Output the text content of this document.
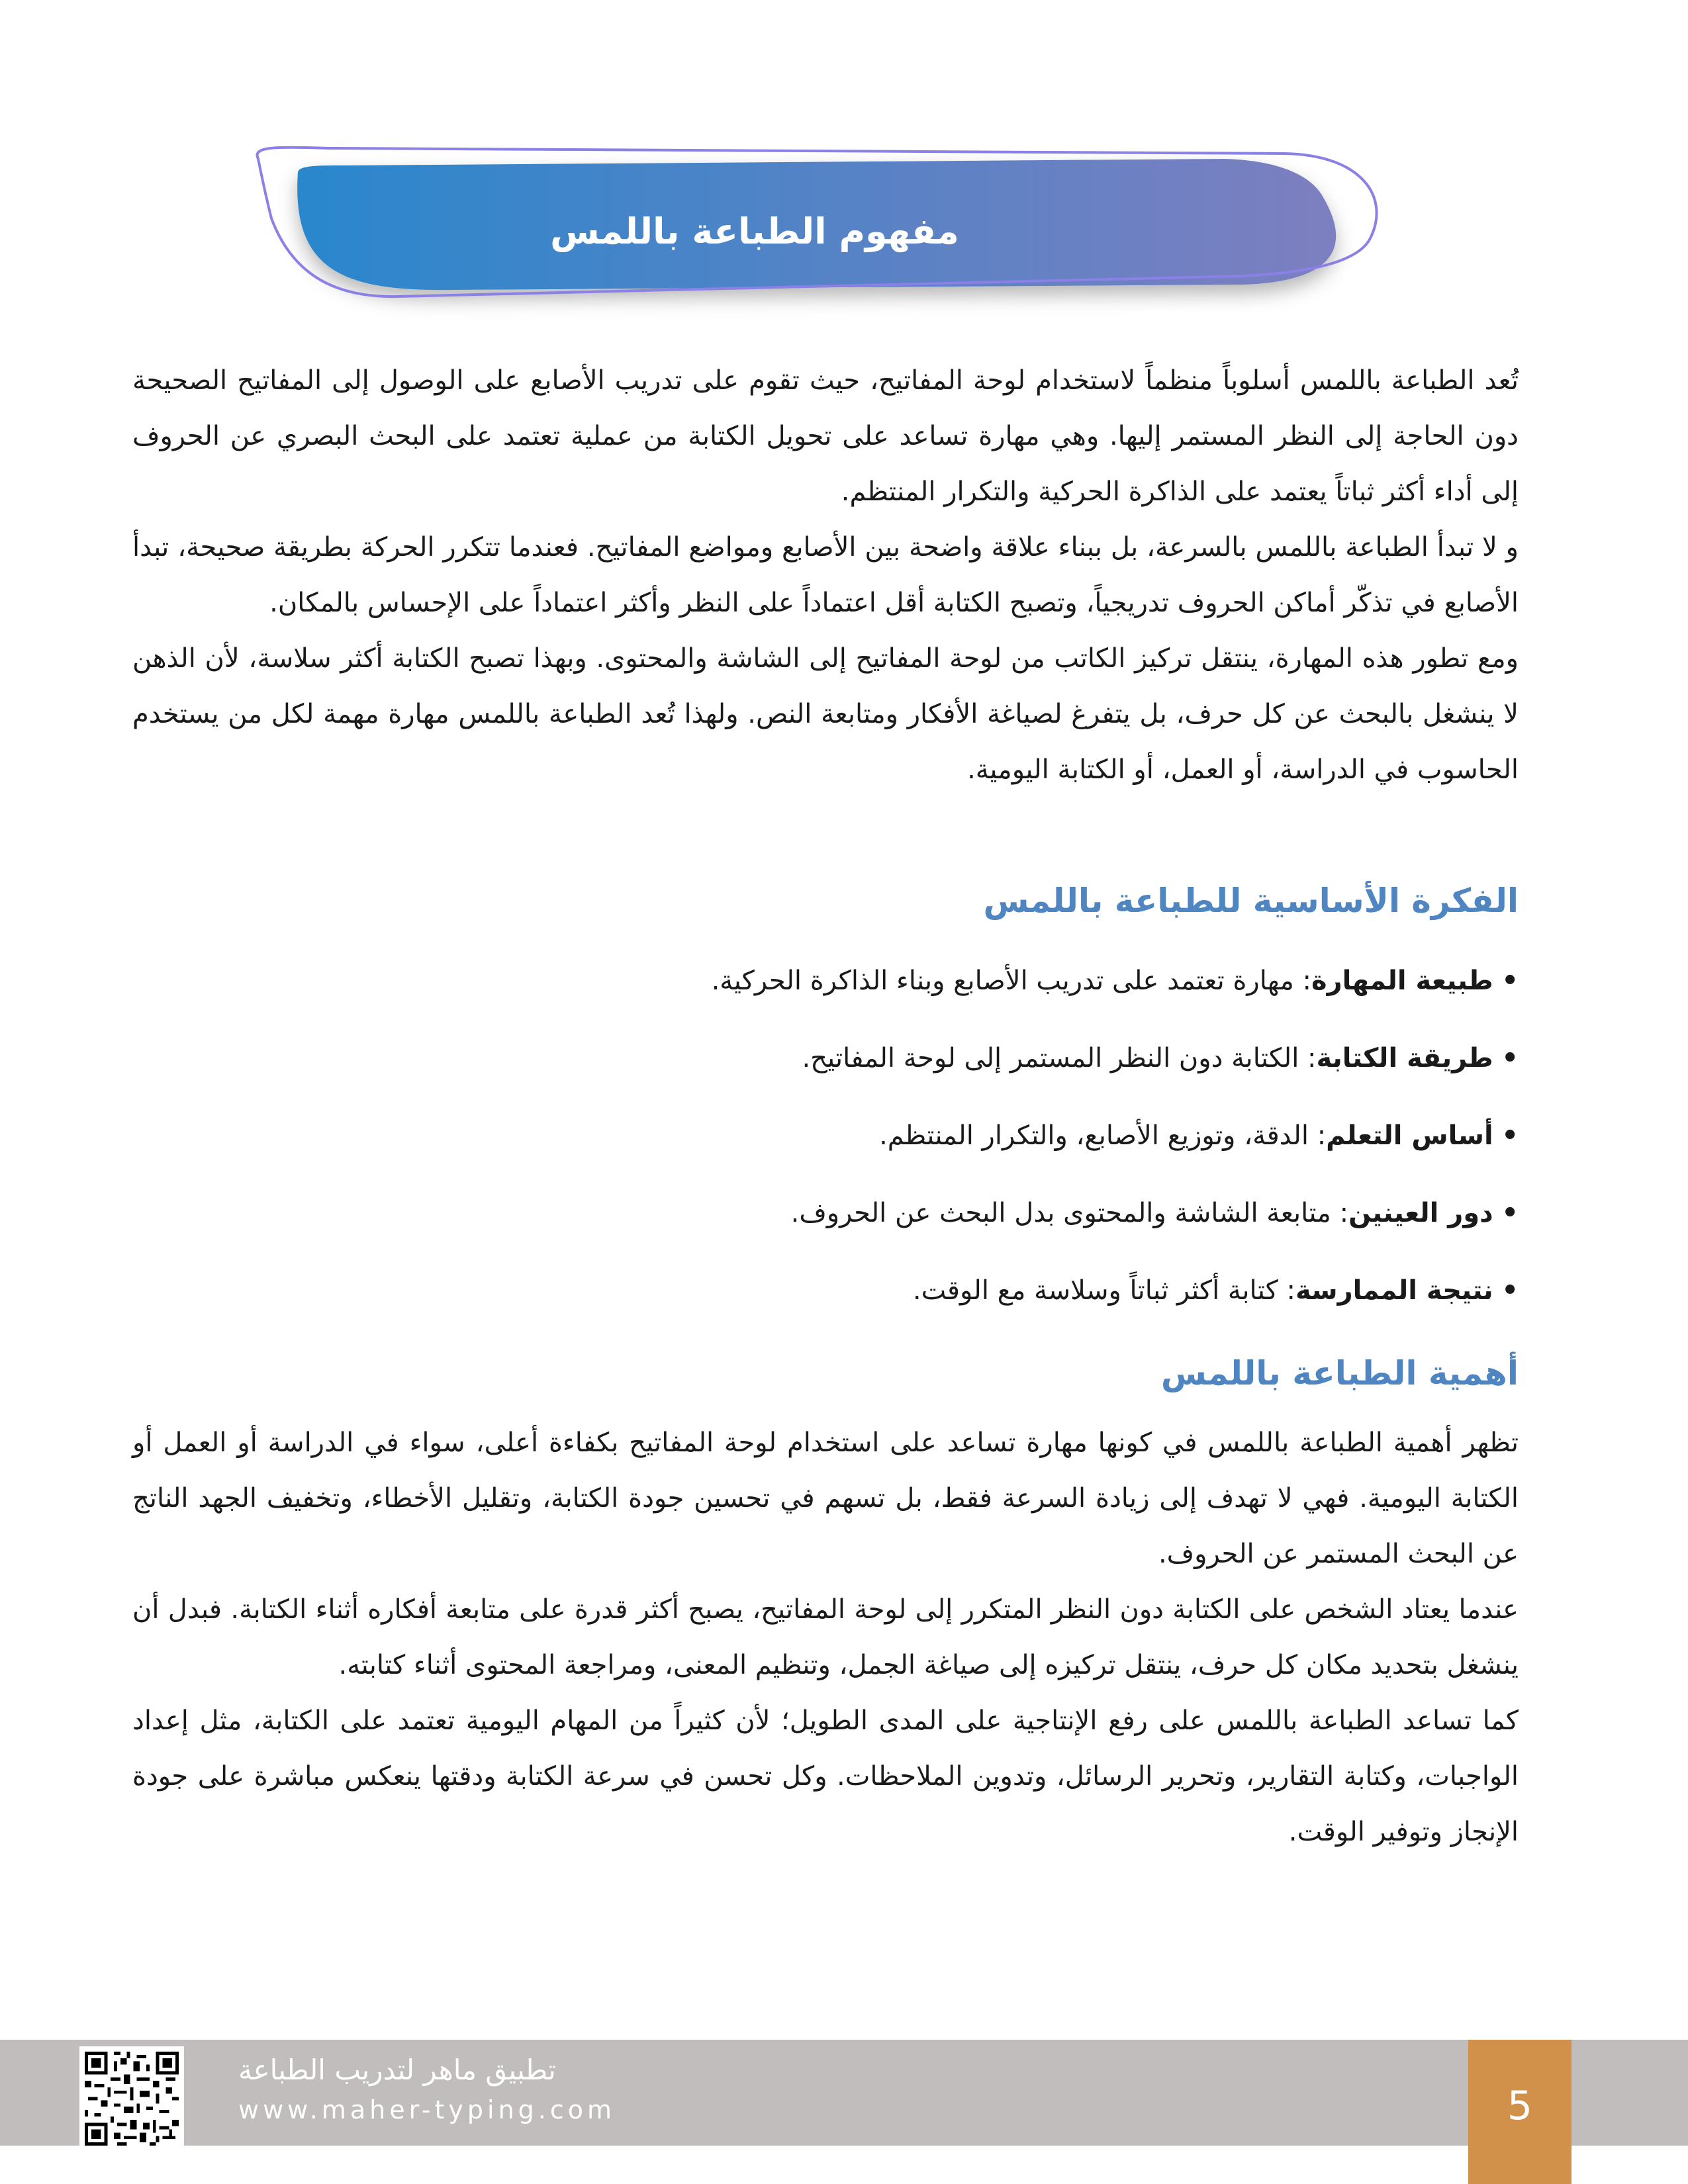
مفهوم الطباعة باللمس

تُعد الطباعة باللمس أسلوباً منظماً لاستخدام لوحة المفاتيح، حيث تقوم على تدريب الأصابع على الوصول إلى المفاتيح الصحيحة دون الحاجة إلى النظر المستمر إليها. وهي مهارة تساعد على تحويل الكتابة من عملية تعتمد على البحث البصري عن الحروف إلى أداء أكثر ثباتاً يعتمد على الذاكرة الحركية والتكرار المنتظم.

و لا تبدأ الطباعة باللمس بالسرعة، بل ببناء علاقة واضحة بين الأصابع ومواضع المفاتيح. فعندما تتكرر الحركة بطريقة صحيحة، تبدأ الأصابع في تذكّر أماكن الحروف تدريجياً، وتصبح الكتابة أقل اعتماداً على النظر وأكثر اعتماداً على الإحساس بالمكان.

ومع تطور هذه المهارة، ينتقل تركيز الكاتب من لوحة المفاتيح إلى الشاشة والمحتوى. وبهذا تصبح الكتابة أكثر سلاسة، لأن الذهن لا ينشغل بالبحث عن كل حرف، بل يتفرغ لصياغة الأفكار ومتابعة النص. ولهذا تُعد الطباعة باللمس مهارة مهمة لكل من يستخدم الحاسوب في الدراسة، أو العمل، أو الكتابة اليومية.

الفكرة الأساسية للطباعة باللمس
• طبيعة المهارة: مهارة تعتمد على تدريب الأصابع وبناء الذاكرة الحركية.
• طريقة الكتابة: الكتابة دون النظر المستمر إلى لوحة المفاتيح.
• أساس التعلم: الدقة، وتوزيع الأصابع، والتكرار المنتظم.
• دور العينين: متابعة الشاشة والمحتوى بدل البحث عن الحروف.
• نتيجة الممارسة: كتابة أكثر ثباتاً وسلاسة مع الوقت.
أهمية الطباعة باللمس

تظهر أهمية الطباعة باللمس في كونها مهارة تساعد على استخدام لوحة المفاتيح بكفاءة أعلى، سواء في الدراسة أو العمل أو الكتابة اليومية. فهي لا تهدف إلى زيادة السرعة فقط، بل تسهم في تحسين جودة الكتابة، وتقليل الأخطاء، وتخفيف الجهد الناتج عن البحث المستمر عن الحروف.

عندما يعتاد الشخص على الكتابة دون النظر المتكرر إلى لوحة المفاتيح، يصبح أكثر قدرة على متابعة أفكاره أثناء الكتابة. فبدل أن ينشغل بتحديد مكان كل حرف، ينتقل تركيزه إلى صياغة الجمل، وتنظيم المعنى، ومراجعة المحتوى أثناء كتابته.

كما تساعد الطباعة باللمس على رفع الإنتاجية على المدى الطويل؛ لأن كثيراً من المهام اليومية تعتمد على الكتابة، مثل إعداد الواجبات، وكتابة التقارير، وتحرير الرسائل، وتدوين الملاحظات. وكل تحسن في سرعة الكتابة ودقتها ينعكس مباشرة على جودة الإنجاز وتوفير الوقت.

تطبيق ماهر لتدريب الطباعة
www.maher-typing.com	5
